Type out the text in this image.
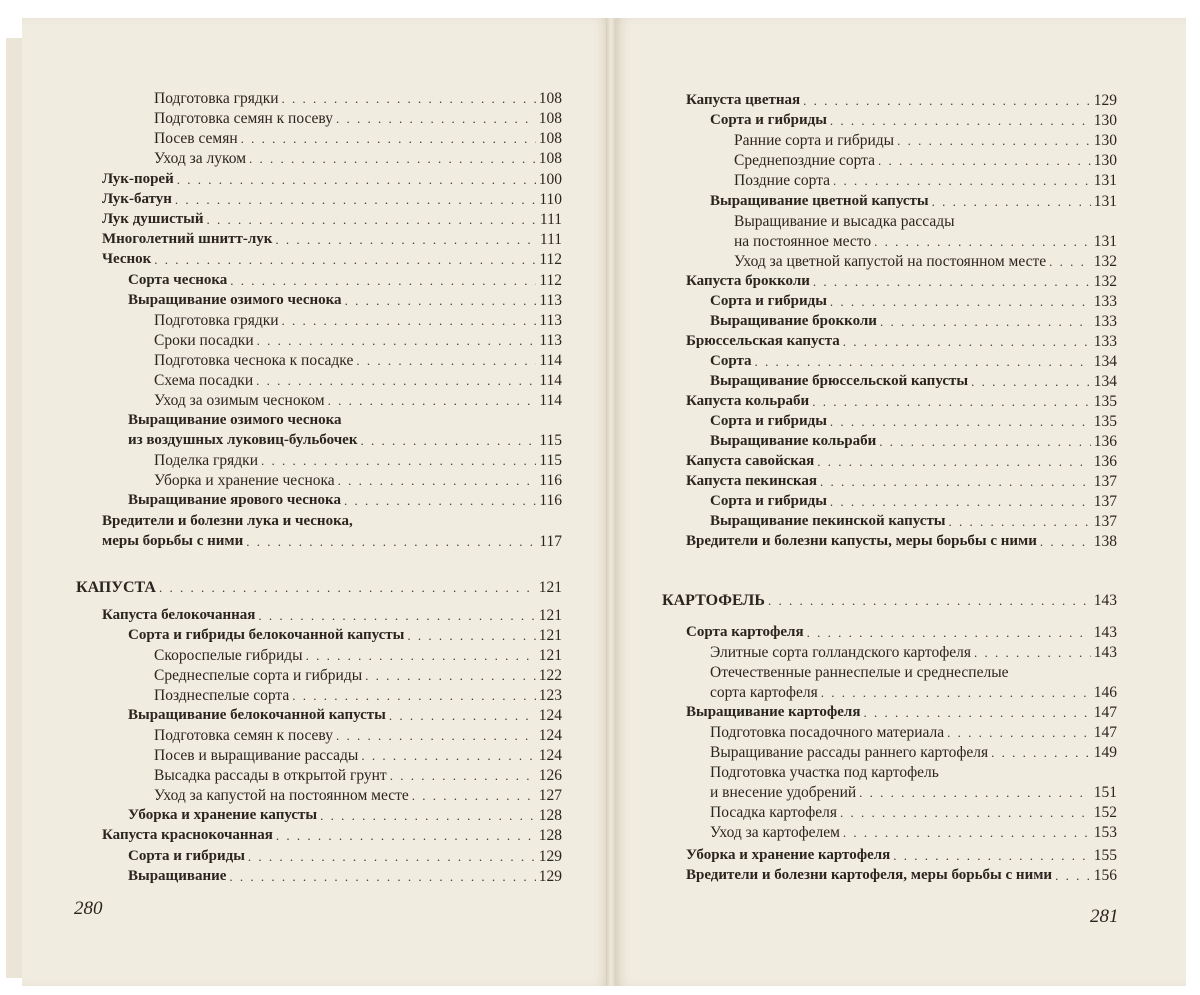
Подготовка грядки . . .	108
Подготовка семян к посеву . . .	108
Посев семян . . .	108
Уход за луком . . .	108
Лук-порей . . .	100
Лук-батун . . .	110
Лук душистый . . .	111
Многолетний шнитт-лук . . .	111
Чеснок . . .	112
Сорта чеснока . . .	112
Выращивание озимого чеснока . . .	113
Подготовка грядки . . .	113
Сроки посадки . . .	113
Подготовка чеснока к посадке . . .	114
Схема посадки . . .	114
Уход за озимым чесноком . . .	114
Выращивание озимого чеснока
из воздушных луковиц-бульбочек . . .	115
Поделка грядки . . .	115
Уборка и хранение чеснока . . .	116
Выращивание ярового чеснока . . .	116
Вредители и болезни лука и чеснока,
меры борьбы с ними . . .	117
КАПУСТА . . .	121
Капуста белокочанная . . .	121
Сорта и гибриды белокочанной капусты . . .	121
Скороспелые гибриды . . .	121
Среднеспелые сорта и гибриды . . .	122
Позднеспелые сорта . . .	123
Выращивание белокочанной капусты . . .	124
Подготовка семян к посеву . . .	124
Посев и выращивание рассады . . .	124
Высадка рассады в открытой грунт . . .	126
Уход за капустой на постоянном месте . . .	127
Уборка и хранение капусты . . .	128
Капуста краснокочанная . . .	128
Сорта и гибриды . . .	129
Выращивание . . .	129
280
Капуста цветная . . .	129
Сорта и гибриды . . .	130
Ранние сорта и гибриды . . .	130
Среднепоздние сорта . . .	130
Поздние сорта . . .	131
Выращивание цветной капусты . . .	131
Выращивание и высадка рассады
на постоянное место . . .	131
Уход за цветной капустой на постоянном месте . . .	132
Капуста брокколи . . .	132
Сорта и гибриды . . .	133
Выращивание брокколи . . .	133
Брюссельская капуста . . .	133
Сорта . . .	134
Выращивание брюссельской капусты . . .	134
Капуста кольраби . . .	135
Сорта и гибриды . . .	135
Выращивание кольраби . . .	136
Капуста савойская . . .	136
Капуста пекинская . . .	137
Сорта и гибриды . . .	137
Выращивание пекинской капусты . . .	137
Вредители и болезни капусты, меры борьбы с ними . . .	138
КАРТОФЕЛЬ . . .	143
Сорта картофеля . . .	143
Элитные сорта голландского картофеля . . .	143
Отечественные раннеспелые и среднеспелые
сорта картофеля . . .	146
Выращивание картофеля . . .	147
Подготовка посадочного материала . . .	147
Выращивание рассады раннего картофеля . . .	149
Подготовка участка под картофель
и внесение удобрений . . .	151
Посадка картофеля . . .	152
Уход за картофелем . . .	153
Уборка и хранение картофеля . . .	155
Вредители и болезни картофеля, меры борьбы с ними . . .	156
281
